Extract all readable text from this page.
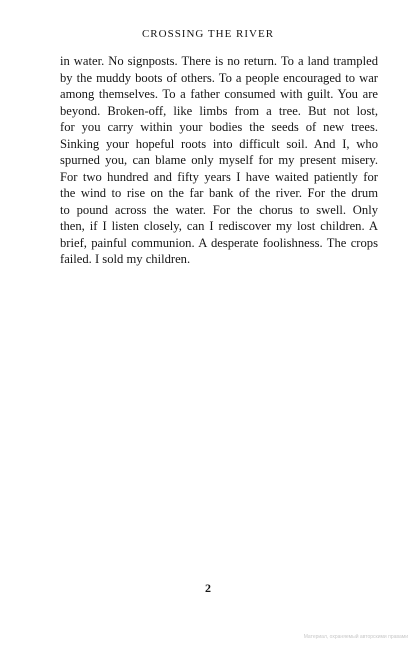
CROSSING THE RIVER
in water. No signposts. There is no return. To a land trampled
by the muddy boots of others. To a people encouraged to war
among themselves. To a father consumed with guilt. You are
beyond. Broken-off, like limbs from a tree. But not lost,
for you carry within your bodies the seeds of new trees.
Sinking your hopeful roots into difficult soil. And I, who
spurned you, can blame only myself for my present misery.
For two hundred and fifty years I have waited patiently for
the wind to rise on the far bank of the river. For the drum
to pound across the water. For the chorus to swell. Only
then, if I listen closely, can I rediscover my lost children. A
brief, painful communion. A desperate foolishness. The crops
failed. I sold my children.
2
Материал, охраняемый авторскими правами
